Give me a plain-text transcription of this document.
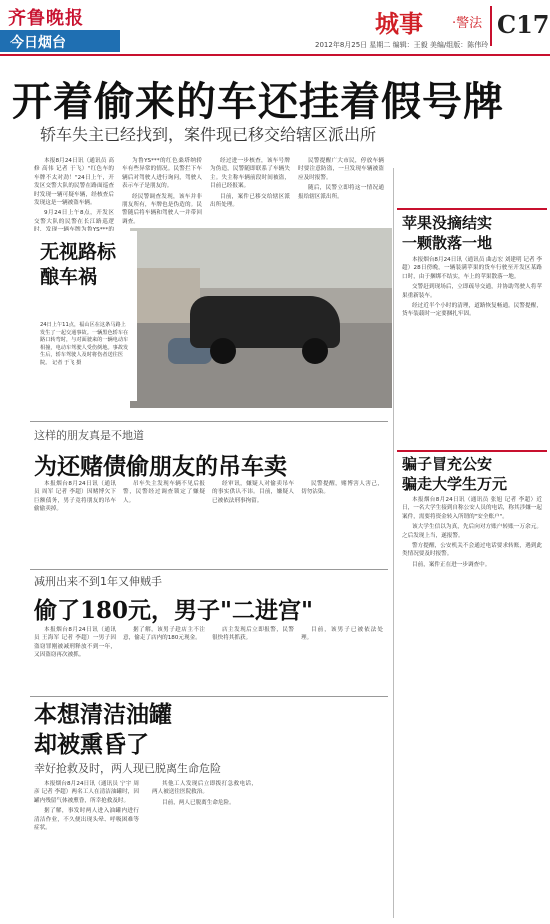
齐鲁晚报
今日烟台
城事 ·警法 C17
2012年8月25日 星期二 编辑：王毅 美编/组版：陈伟玲
开着偷来的车还挂着假号牌
轿车失主已经找到，案件现已移交给辖区派出所

本报8月24日讯（通讯员 高修 高伟 记者 于飞）"红色车的车牌不太对劲！"24日上午，开发区交警大队的民警在路面巡查时发现一辆可疑车辆，经核查后发现这是一辆被盗车辆。

9月24日上午8点，开发区交警大队的民警在长江路巡逻

为鲁YS***的红色桑塔纳轿车有些异常的情况。民警拦下车辆后对驾驶人进行询问，驾驶人表示车子是朋友的。

经民警调查发现，该车并非朋友所有，车牌也是伪造的。民警随后将车辆和驾驶人一并带回调查。

经过进一步核查，该车号牌为伪造，民警随即联系了车辆失主。失主称车辆前段时间被盗，目前已经报案。

目前，案件已移交给辖区派出所处理。

民警提醒广大市民，停放车辆时要注意防盗，一旦发现车辆被盗应及时报警。

随后，民警立即将这一情况通报给辖区派出所。

无视路标
酿车祸
24日上午11点，福山区在这条马路上发生了一起交通事故。一辆黑色轿车在路口转弯时，与对面驶来的一辆电动车相撞，电动车驾驶人受伤倒地。事故发生后，轿车驾驶人及时将伤者送往医院。 记者 于飞 摄
苹果没摘结实
一颗散落一地

本报烟台8月24日讯（通讯员 曲志宏 刘建明 记者 李超）28日傍晚，一辆装满苹果的货车行驶至开发区某路口时，由于捆绑不结实，车上的苹果散落一地。

交警赶到现场后，立即疏导交通，并协助驾驶人将苹果重新装车。

经过近半个小时的清理，道路恢复畅通。民警提醒，货车装载时一定要捆扎牢固。

骗子冒充公安
骗走大学生万元

本报烟台8月24日讯（通讯员 张旭 记者 李超）近日，一名大学生接到自称公安人员的电话，称其涉嫌一起案件，需要将资金转入所谓的"安全账户"。

该大学生信以为真，先后向对方账户转账一万余元。之后发现上当，遂报警。

警方提醒，公安机关不会通过电话要求转账，遇到此类情况要及时报警。

目前，案件正在进一步调查中。

这样的朋友真是不地道
为还赌债偷朋友的吊车卖

本报烟台8月24日讯（通讯员 周军 记者 李超）因赌博欠下巨额债务，男子竟将朋友的吊车偷偷卖掉。

吊车失主发现车辆不见后报警，民警经过调查锁定了嫌疑人。

经审讯，嫌疑人对偷卖吊车的事实供认不讳。目前，嫌疑人已被依法刑事拘留。

民警提醒，赌博害人害己，切勿沾染。

减刑出来不到1年又伸贼手
偷了180元，男子"二进宫"

本报烟台8月24日讯（通讯员 王海军 记者 李超）一男子因盗窃罪刚被减刑释放不到一年，又因盗窃再次被抓。

据了解，该男子趁店主不注意，偷走了店内的180元现金。

店主发现后立即报警，民警很快将其抓获。

目前，该男子已被依法处理。

本想清洁油罐
却被熏昏了
幸好抢救及时，两人现已脱离生命危险

本报烟台8月24日讯（通讯员 宁宇 周彦 记者 李超）两名工人在清洁油罐时，因罐内残留气体被熏昏，所幸抢救及时。

据了解，事发时两人进入油罐内进行清洁作业，不久便出现头晕、呼吸困难等症状。

其他工人发现后立即拨打急救电话，两人被送往医院救治。

目前，两人已脱离生命危险。
